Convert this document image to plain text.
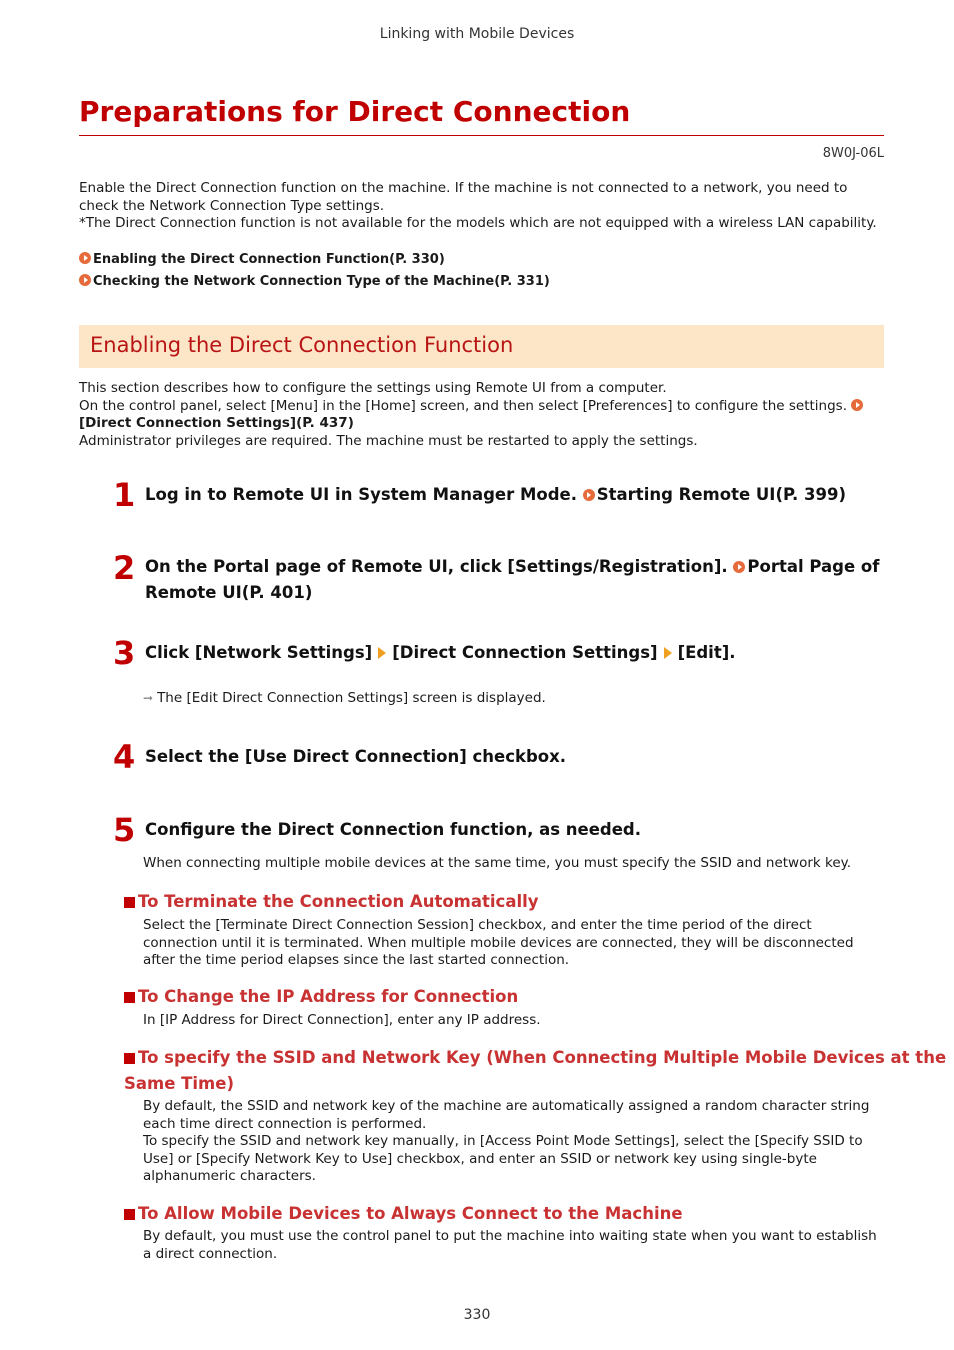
Linking with Mobile Devices
Preparations for Direct Connection
8W0J-06L
Enable the Direct Connection function on the machine. If the machine is not connected to a network, you need to
check the Network Connection Type settings.
*The Direct Connection function is not available for the models which are not equipped with a wireless LAN capability.
Enabling the Direct Connection Function(P. 330)
Checking the Network Connection Type of the Machine(P. 331)
Enabling the Direct Connection Function
This section describes how to configure the settings using Remote UI from a computer.
On the control panel, select [Menu] in the [Home] screen, and then select [Preferences] to configure the settings.
[Direct Connection Settings](P. 437)
Administrator privileges are required. The machine must be restarted to apply the settings.
1 Log in to Remote UI in System Manager Mode. Starting Remote UI(P. 399)
2 On the Portal page of Remote UI, click [Settings/Registration]. Portal Page of
Remote UI(P. 401)
3 Click [Network Settings] [Direct Connection Settings] [Edit].
➞ The [Edit Direct Connection Settings] screen is displayed.
4 Select the [Use Direct Connection] checkbox.
5 Configure the Direct Connection function, as needed.
When connecting multiple mobile devices at the same time, you must specify the SSID and network key.
To Terminate the Connection Automatically
Select the [Terminate Direct Connection Session] checkbox, and enter the time period of the direct
connection until it is terminated. When multiple mobile devices are connected, they will be disconnected
after the time period elapses since the last started connection.
To Change the IP Address for Connection
In [IP Address for Direct Connection], enter any IP address.
To specify the SSID and Network Key (When Connecting Multiple Mobile Devices at the
Same Time)
By default, the SSID and network key of the machine are automatically assigned a random character string
each time direct connection is performed.
To specify the SSID and network key manually, in [Access Point Mode Settings], select the [Specify SSID to
Use] or [Specify Network Key to Use] checkbox, and enter an SSID or network key using single-byte
alphanumeric characters.
To Allow Mobile Devices to Always Connect to the Machine
By default, you must use the control panel to put the machine into waiting state when you want to establish
a direct connection.
330
